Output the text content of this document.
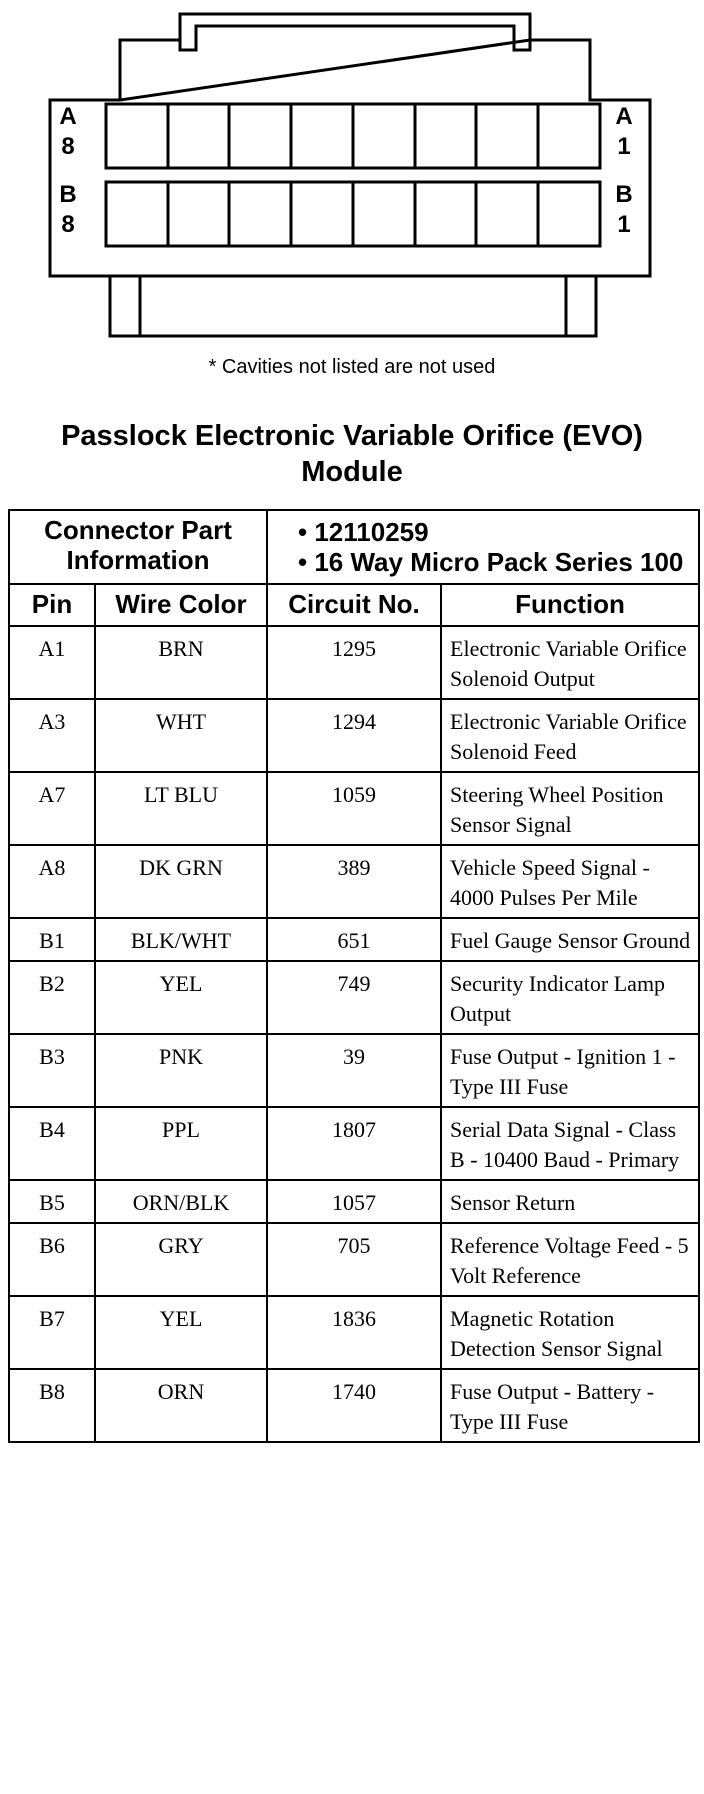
A
8
A
1
B
8
B
1
* Cavities not listed are not used
Passlock Electronic Variable Orifice (EVO)
Module
Connector Part Information		• 12110259
• 16 Way Micro Pack Series 100	

Pin	Wire Color	Circuit No.	Function
A1	BRN	1295	Electronic Variable Orifice Solenoid Output
A3	WHT	1294	Electronic Variable Orifice Solenoid Feed
A7	LT BLU	1059	Steering Wheel Position Sensor Signal
A8	DK GRN	389	Vehicle Speed Signal - 4000 Pulses Per Mile
B1	BLK/WHT	651	Fuel Gauge Sensor Ground
B2	YEL	749	Security Indicator Lamp Output
B3	PNK	39	Fuse Output - Ignition 1 - Type III Fuse
B4	PPL	1807	Serial Data Signal - Class B - 10400 Baud - Primary
B5	ORN/BLK	1057	Sensor Return
B6	GRY	705	Reference Voltage Feed - 5 Volt Reference
B7	YEL	1836	Magnetic Rotation Detection Sensor Signal
B8	ORN	1740	Fuse Output - Battery - Type III Fuse
